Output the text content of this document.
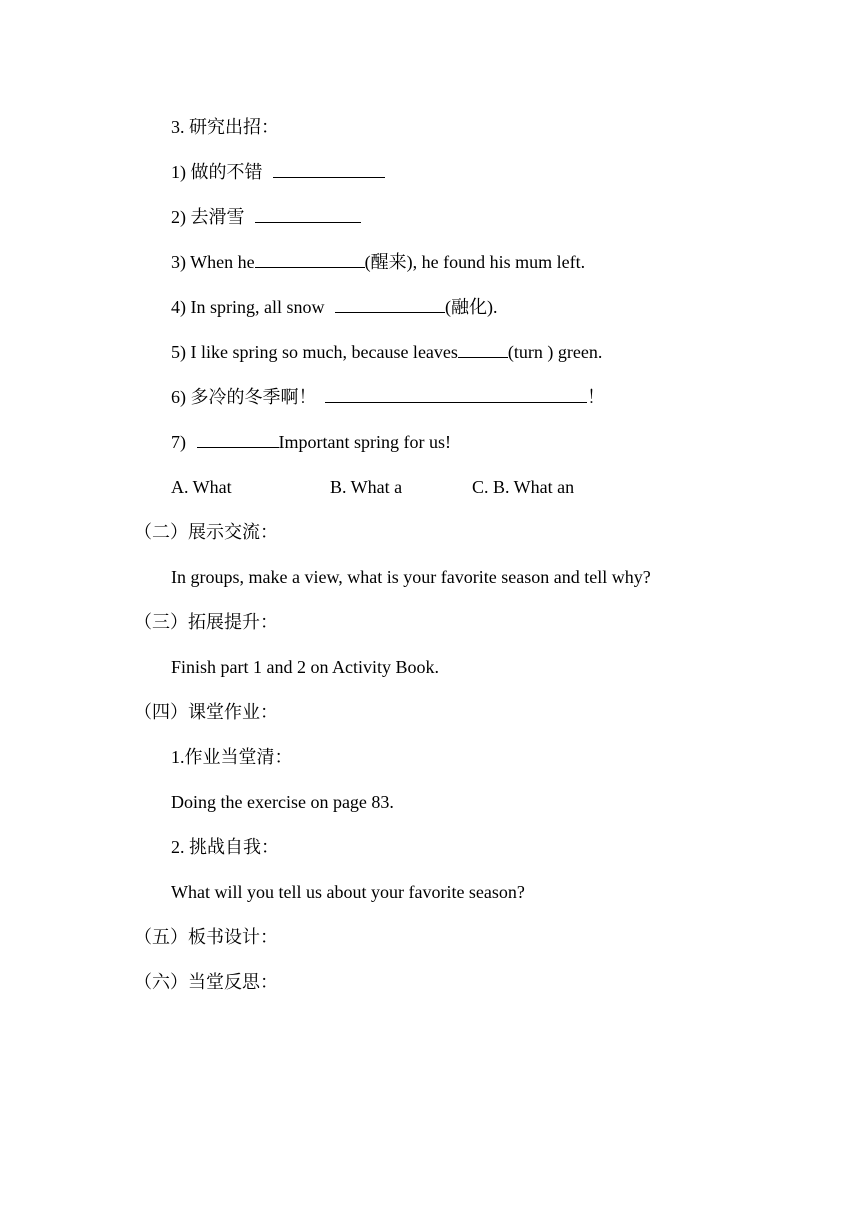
3. 研究出招：
1) 做的不错
2) 去滑雪
3) When he	(醒来), he found his mum left.
4) In spring, all snow	(融化).
5) I like spring so much, because leaves	(turn ) green.
6) 多冷的冬季啊！	！
7)	Important spring for us!
A. What	B. What a	C. B. What an
（二）展示交流：
In groups, make a view, what is your favorite season and tell why?
（三）拓展提升：
Finish part 1 and 2 on Activity Book.
（四）课堂作业：
1.作业当堂清：
Doing the exercise on page 83.
2. 挑战自我：
What will you tell us about your favorite season?
（五）板书设计：
（六）当堂反思：
